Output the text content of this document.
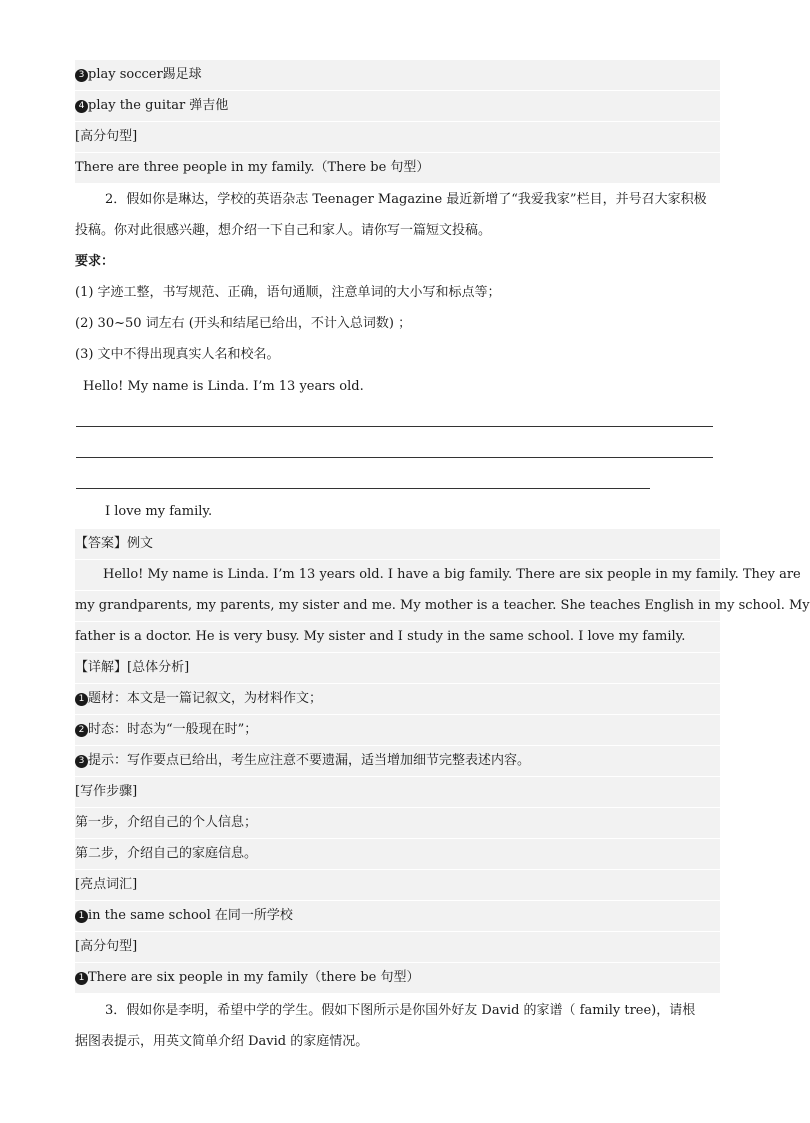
3 play soccer踢足球
4 play the guitar 弹吉他
[高分句型]
There are three people in my family.（There be 句型）
2．假如你是琳达，学校的英语杂志 Teenager Magazine 最近新增了“我爱我家”栏目，并号召大家积极
投稿。你对此很感兴趣，想介绍一下自己和家人。请你写一篇短文投稿。
要求：
(1) 字迹工整，书写规范、正确，语句通顺，注意单词的大小写和标点等；
(2) 30~50 词左右 (开头和结尾已给出，不计入总词数) ；
(3) 文中不得出现真实人名和校名。
Hello! My name is Linda. I’m 13 years old.
I love my family.
【答案】例文
Hello! My name is Linda. I’m 13 years old. I have a big family. There are six people in my family. They are
my grandparents, my parents, my sister and me. My mother is a teacher. She teaches English in my school. My
father is a doctor. He is very busy. My sister and I study in the same school. I love my family.
【详解】[总体分析]
1 题材：本文是一篇记叙文，为材料作文；
2 时态：时态为“一般现在时”；
3 提示：写作要点已给出，考生应注意不要遗漏，适当增加细节完整表述内容。
[写作步骤]
第一步，介绍自己的个人信息；
第二步，介绍自己的家庭信息。
[亮点词汇]
1 in the same school 在同一所学校
[高分句型]
1 There are six people in my family（there be 句型）
3．假如你是李明，希望中学的学生。假如下图所示是你国外好友 David 的家谱（ family tree)，请根
据图表提示，用英文简单介绍 David 的家庭情况。
